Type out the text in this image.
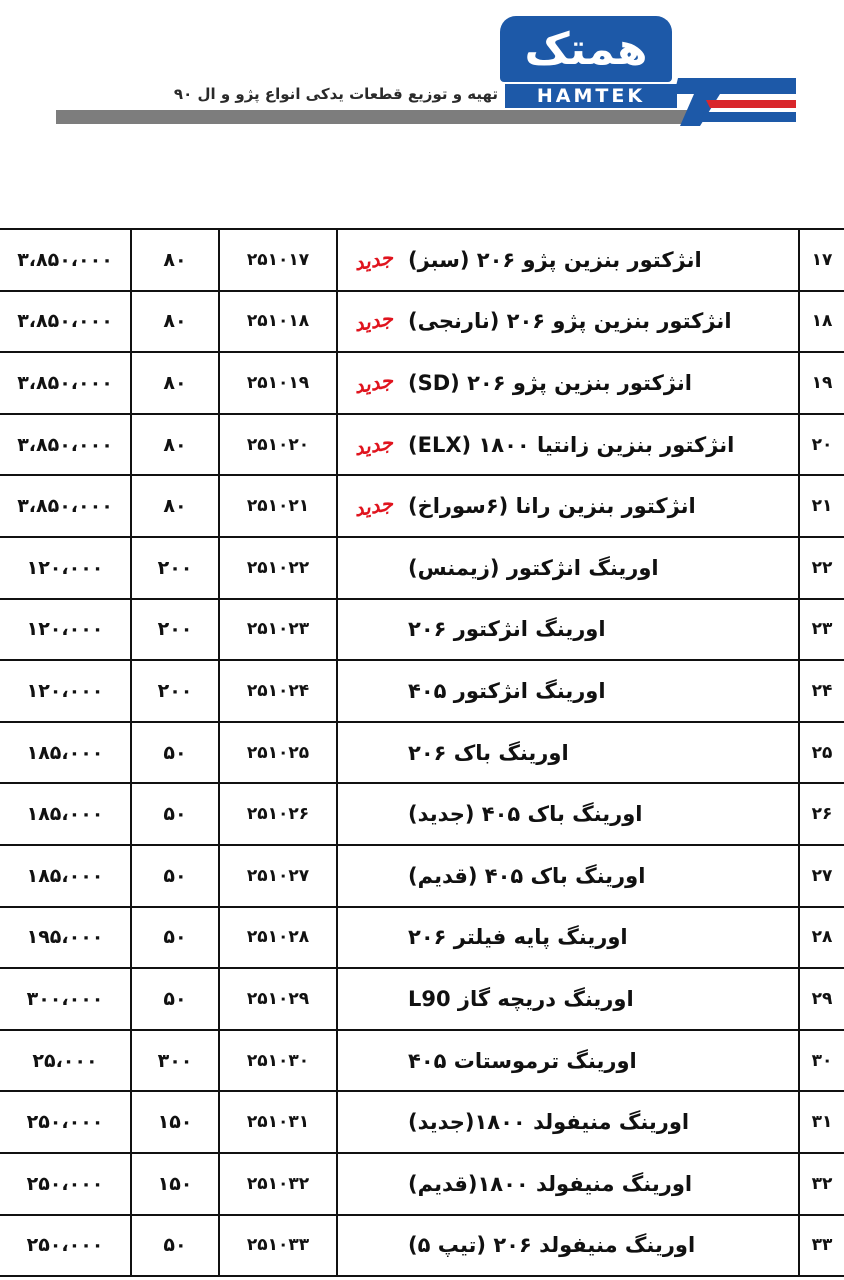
همتک
HAMTEK
تهیه و توزیع قطعات یدکی انواع پژو و ال ۹۰
۳،۸۵۰،۰۰۰	۸۰	۲۵۱۰۱۷ جدید انژکتور بنزین پژو ۲۰۶ (سبز)	۱۷
۳،۸۵۰،۰۰۰	۸۰	۲۵۱۰۱۸ جدید انژکتور بنزین پژو ۲۰۶ (نارنجی)	۱۸
۳،۸۵۰،۰۰۰	۸۰	۲۵۱۰۱۹ جدید انژکتور بنزین پژو ۲۰۶ (SD)	۱۹
۳،۸۵۰،۰۰۰	۸۰	۲۵۱۰۲۰ جدید انژکتور بنزین زانتیا ۱۸۰۰ (ELX)	۲۰
۳،۸۵۰،۰۰۰	۸۰	۲۵۱۰۲۱ جدید انژکتور بنزین رانا (۶سوراخ)	۲۱
۱۲۰،۰۰۰	۲۰۰	۲۵۱۰۲۲	اورینگ انژکتور (زیمنس)	۲۲
۱۲۰،۰۰۰	۲۰۰	۲۵۱۰۲۳	اورینگ انژکتور ۲۰۶	۲۳
۱۲۰،۰۰۰	۲۰۰	۲۵۱۰۲۴	اورینگ انژکتور ۴۰۵	۲۴
۱۸۵،۰۰۰	۵۰	۲۵۱۰۲۵	اورینگ باک ۲۰۶	۲۵
۱۸۵،۰۰۰	۵۰	۲۵۱۰۲۶	اورینگ باک ۴۰۵ (جدید)	۲۶
۱۸۵،۰۰۰	۵۰	۲۵۱۰۲۷	اورینگ باک ۴۰۵ (قدیم)	۲۷
۱۹۵،۰۰۰	۵۰	۲۵۱۰۲۸	اورینگ پایه فیلتر ۲۰۶	۲۸
۳۰۰،۰۰۰	۵۰	۲۵۱۰۲۹	اورینگ دریچه گاز L90	۲۹
۲۵،۰۰۰	۳۰۰	۲۵۱۰۳۰	اورینگ ترموستات ۴۰۵	۳۰
۲۵۰،۰۰۰	۱۵۰	۲۵۱۰۳۱	اورینگ منیفولد ۱۸۰۰(جدید)	۳۱
۲۵۰،۰۰۰	۱۵۰	۲۵۱۰۳۲	اورینگ منیفولد ۱۸۰۰(قدیم)	۳۲
۲۵۰،۰۰۰	۵۰	۲۵۱۰۳۳	اورینگ منیفولد ۲۰۶ (تیپ ۵)	۳۳
